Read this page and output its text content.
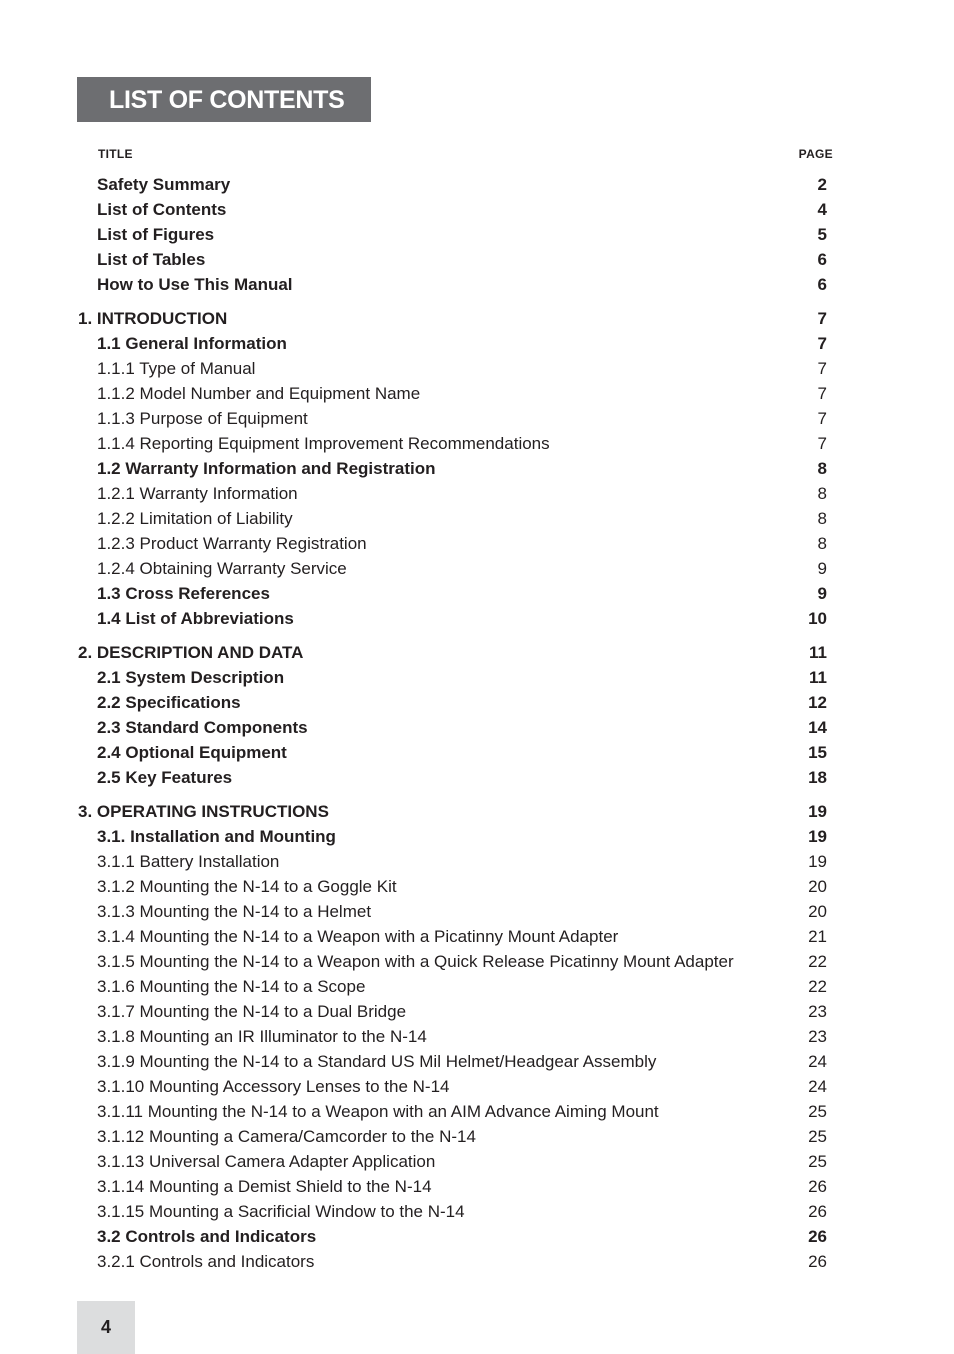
LIST OF CONTENTS
TITLE	PAGE
Safety Summary	2
List of Contents	4
List of Figures	5
List of Tables	6
How to Use This Manual	6
1. INTRODUCTION	7
1.1 General Information	7
1.1.1 Type of Manual	7
1.1.2 Model Number and Equipment Name	7
1.1.3 Purpose of Equipment	7
1.1.4 Reporting Equipment Improvement Recommendations	7
1.2 Warranty Information and Registration	8
1.2.1 Warranty Information	8
1.2.2 Limitation of Liability	8
1.2.3 Product Warranty Registration	8
1.2.4 Obtaining Warranty Service	9
1.3 Cross References	9
1.4 List of Abbreviations	10
2. DESCRIPTION AND DATA	11
2.1 System Description	11
2.2 Specifications	12
2.3 Standard Components	14
2.4 Optional Equipment	15
2.5 Key Features	18
3. OPERATING INSTRUCTIONS	19
3.1. Installation and Mounting	19
3.1.1 Battery Installation	19
3.1.2 Mounting the N-14 to a Goggle Kit	20
3.1.3 Mounting the N-14 to a Helmet	20
3.1.4 Mounting the N-14 to a Weapon with a Picatinny Mount Adapter	21
3.1.5 Mounting the N-14 to a Weapon with a Quick Release Picatinny Mount Adapter	22
3.1.6 Mounting the N-14 to a Scope	22
3.1.7 Mounting the N-14 to a Dual Bridge	23
3.1.8 Mounting an IR Illuminator to the N-14	23
3.1.9 Mounting the N-14 to a Standard US Mil Helmet/Headgear Assembly	24
3.1.10 Mounting Accessory Lenses to the N-14	24
3.1.11 Mounting the N-14 to a Weapon with an AIM Advance Aiming Mount	25
3.1.12 Mounting a Camera/Camcorder to the N-14	25
3.1.13 Universal Camera Adapter Application	25
3.1.14 Mounting a Demist Shield to the N-14	26
3.1.15 Mounting a Sacrificial Window to the N-14	26
3.2 Controls and Indicators	26
3.2.1 Controls and Indicators	26
4
